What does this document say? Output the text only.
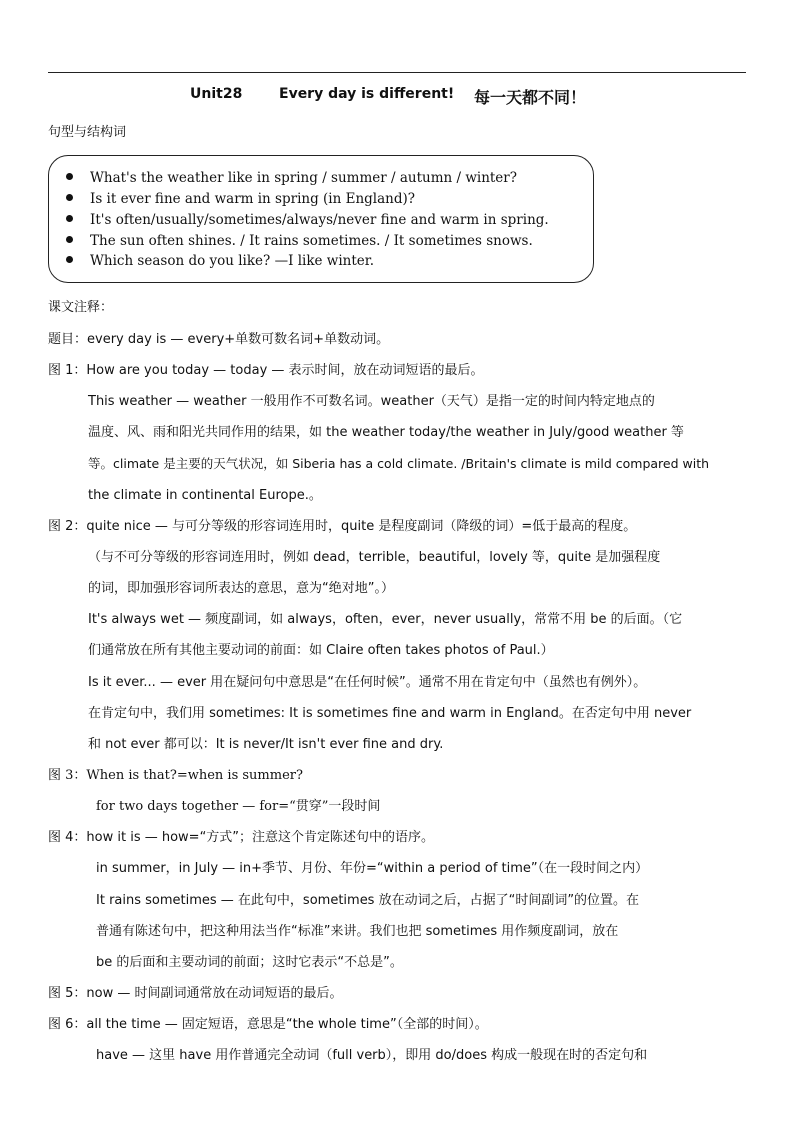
Unit28	Every day is different! 每一天都不同！
句型与结构词
What's the weather like in spring / summer / autumn / winter?
Is it ever fine and warm in spring (in England)?
It's often/usually/sometimes/always/never fine and warm in spring.
The sun often shines. / It rains sometimes. / It sometimes snows.
Which season do you like? —I like winter.
课文注释：
题目：every day is — every+单数可数名词+单数动词。
图 1：How are you today — today — 表示时间，放在动词短语的最后。
This weather — weather 一般用作不可数名词。weather（天气）是指一定的时间内特定地点的
温度、风、雨和阳光共同作用的结果，如 the weather today/the weather in July/good weather 等
等。climate 是主要的天气状况，如 Siberia has a cold climate. /Britain's climate is mild compared with
the climate in continental Europe.。
图 2：quite nice — 与可分等级的形容词连用时，quite 是程度副词（降级的词）=低于最高的程度。
（与不可分等级的形容词连用时，例如 dead，terrible，beautiful，lovely 等，quite 是加强程度
的词，即加强形容词所表达的意思，意为“绝对地”。）
It's always wet — 频度副词，如 always，often，ever，never usually，常常不用 be 的后面。（它
们通常放在所有其他主要动词的前面：如 Claire often takes photos of Paul.）
Is it ever... — ever 用在疑问句中意思是“在任何时候”。通常不用在肯定句中（虽然也有例外）。
在肯定句中，我们用 sometimes: It is sometimes fine and warm in England。在否定句中用 never
和 not ever 都可以：It is never/It isn't ever fine and dry.
图 3：When is that?=when is summer?
for two days together — for=“贯穿”一段时间
图 4：how it is — how=“方式”；注意这个肯定陈述句中的语序。
in summer，in July — in+季节、月份、年份=“within a period of time”（在一段时间之内）
It rains sometimes — 在此句中，sometimes 放在动词之后，占据了“时间副词”的位置。在
普通有陈述句中，把这种用法当作“标准”来讲。我们也把 sometimes 用作频度副词，放在
be 的后面和主要动词的前面；这时它表示“不总是”。
图 5：now — 时间副词通常放在动词短语的最后。
图 6：all the time — 固定短语，意思是“the whole time”（全部的时间）。
have — 这里 have 用作普通完全动词（full verb），即用 do/does 构成一般现在时的否定句和
